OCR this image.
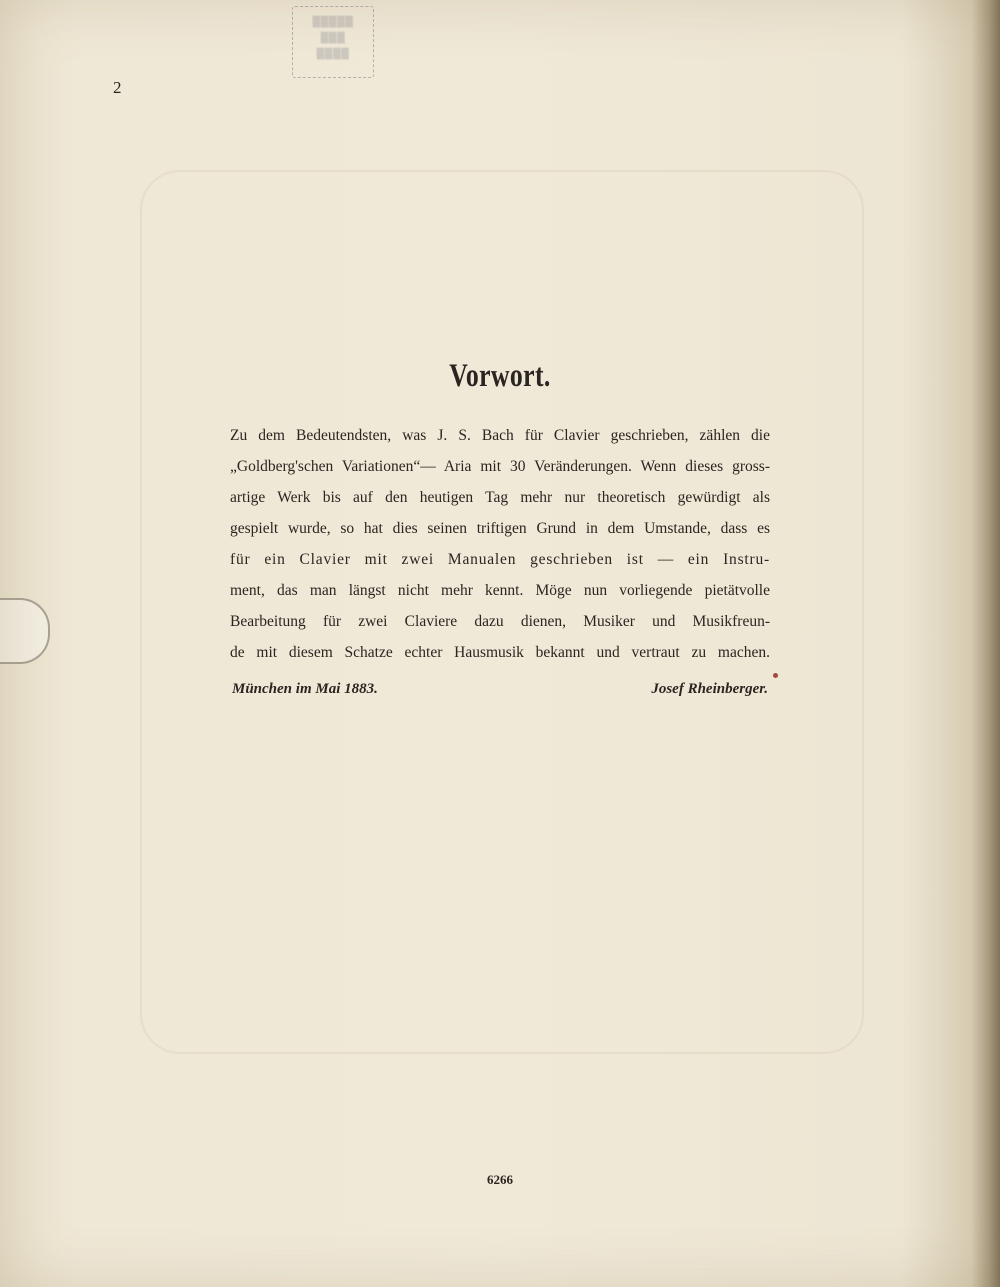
▒▒▒▒▒
▒▒▒
▒▒▒▒
2
Vorwort.
Zu dem Bedeutendsten, was J. S. Bach für Clavier geschrieben, zählen die
„Goldberg'schen Variationen“— Aria mit 30 Veränderungen. Wenn dieses gross-
artige Werk bis auf den heutigen Tag mehr nur theoretisch gewürdigt als
gespielt wurde, so hat dies seinen triftigen Grund in dem Umstande, dass es
für ein Clavier mit zwei Manualen geschrieben ist — ein Instru-
ment, das man längst nicht mehr kennt. Möge nun vorliegende pietätvolle
Bearbeitung für zwei Claviere dazu dienen, Musiker und Musikfreun-
de mit diesem Schatze echter Hausmusik bekannt und vertraut zu machen.
München im Mai 1883.	Josef Rheinberger.
6266
